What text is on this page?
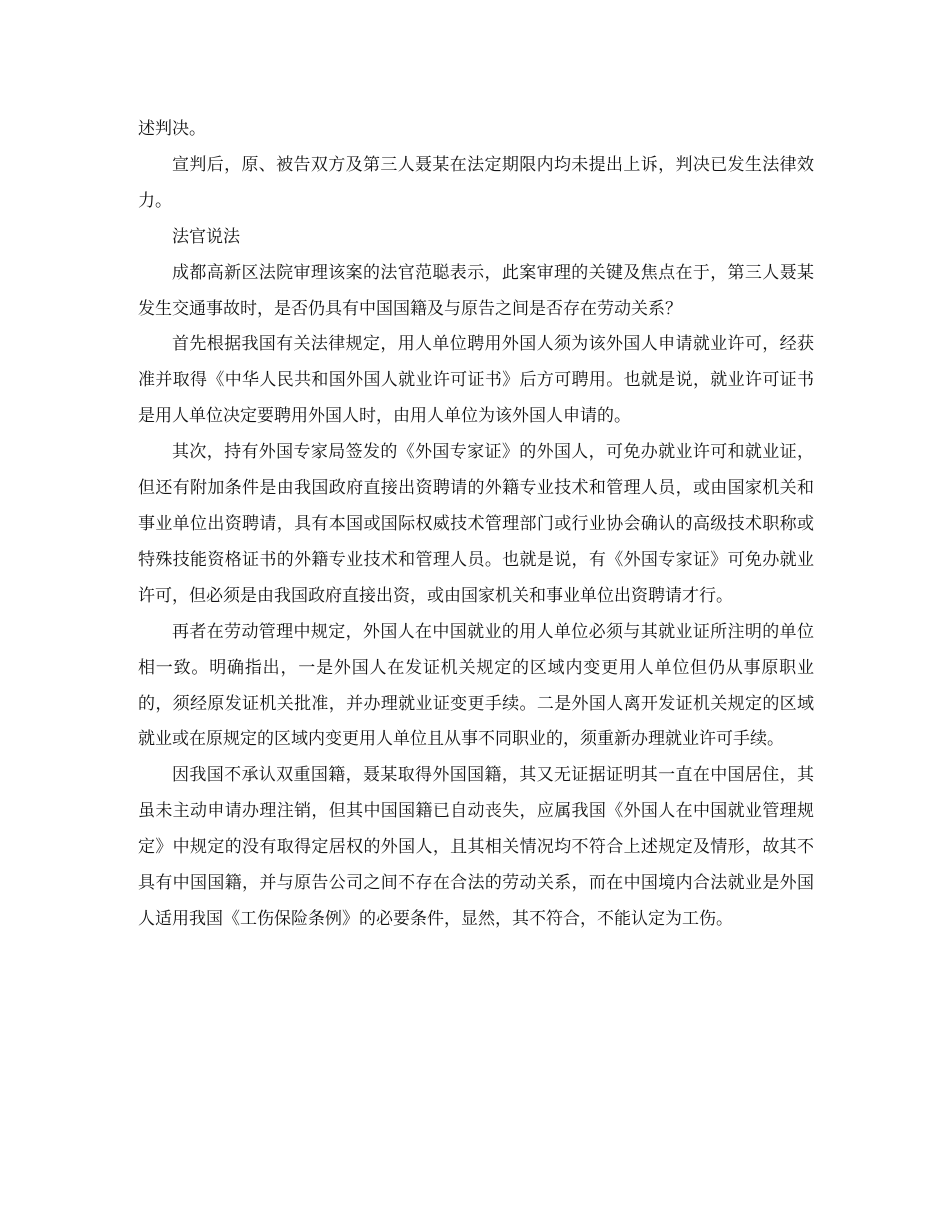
述判决。

宣判后，原、被告双方及第三人聂某在法定期限内均未提出上诉，判决已发生法律效力。

法官说法

成都高新区法院审理该案的法官范聪表示，此案审理的关键及焦点在于，第三人聂某发生交通事故时，是否仍具有中国国籍及与原告之间是否存在劳动关系？

首先根据我国有关法律规定，用人单位聘用外国人须为该外国人申请就业许可，经获准并取得《中华人民共和国外国人就业许可证书》后方可聘用。也就是说，就业许可证书是用人单位决定要聘用外国人时，由用人单位为该外国人申请的。

其次，持有外国专家局签发的《外国专家证》的外国人，可免办就业许可和就业证，但还有附加条件是由我国政府直接出资聘请的外籍专业技术和管理人员，或由国家机关和事业单位出资聘请，具有本国或国际权威技术管理部门或行业协会确认的高级技术职称或特殊技能资格证书的外籍专业技术和管理人员。也就是说，有《外国专家证》可免办就业许可，但必须是由我国政府直接出资，或由国家机关和事业单位出资聘请才行。

再者在劳动管理中规定，外国人在中国就业的用人单位必须与其就业证所注明的单位相一致。明确指出，一是外国人在发证机关规定的区域内变更用人单位但仍从事原职业的，须经原发证机关批准，并办理就业证变更手续。二是外国人离开发证机关规定的区域就业或在原规定的区域内变更用人单位且从事不同职业的，须重新办理就业许可手续。

因我国不承认双重国籍，聂某取得外国国籍，其又无证据证明其一直在中国居住，其虽未主动申请办理注销，但其中国国籍已自动丧失，应属我国《外国人在中国就业管理规定》中规定的没有取得定居权的外国人，且其相关情况均不符合上述规定及情形，故其不具有中国国籍，并与原告公司之间不存在合法的劳动关系，而在中国境内合法就业是外国人适用我国《工伤保险条例》的必要条件，显然，其不符合，不能认定为工伤。
